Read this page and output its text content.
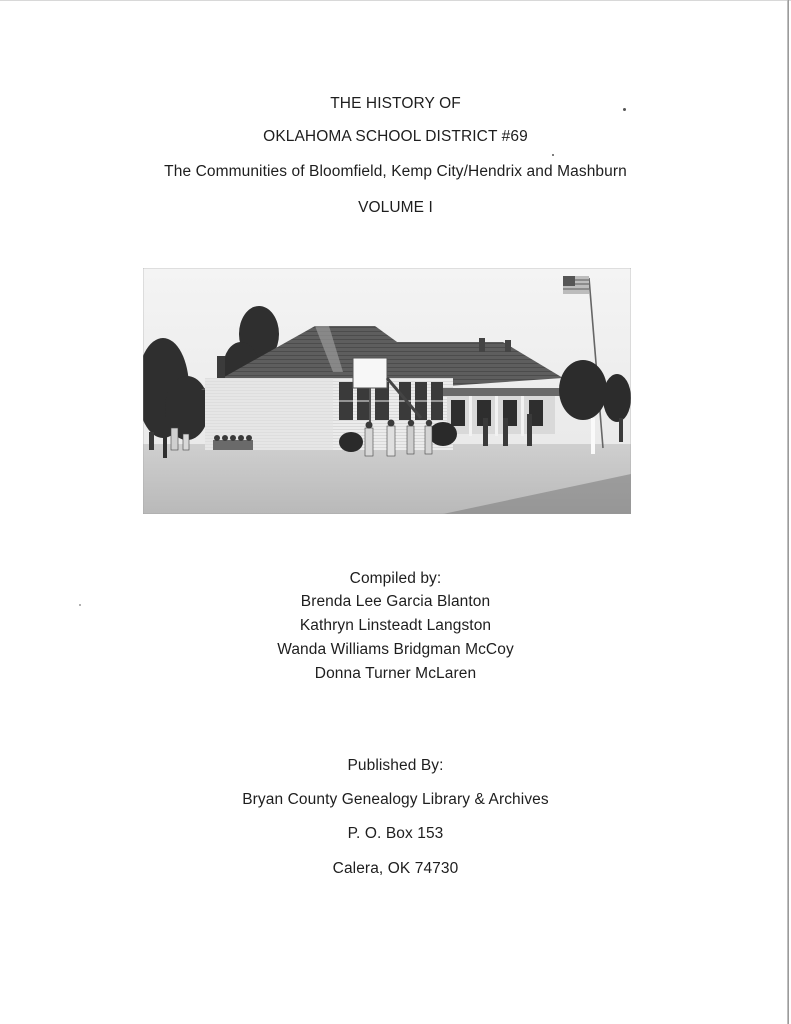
THE HISTORY OF
OKLAHOMA SCHOOL DISTRICT #69
The Communities of Bloomfield, Kemp City/Hendrix and Mashburn
VOLUME I
Compiled by:
Brenda Lee Garcia Blanton
Kathryn Linsteadt Langston
Wanda Williams Bridgman McCoy
Donna Turner McLaren
Published By:
Bryan County Genealogy Library & Archives
P. O. Box 153
Calera, OK 74730
